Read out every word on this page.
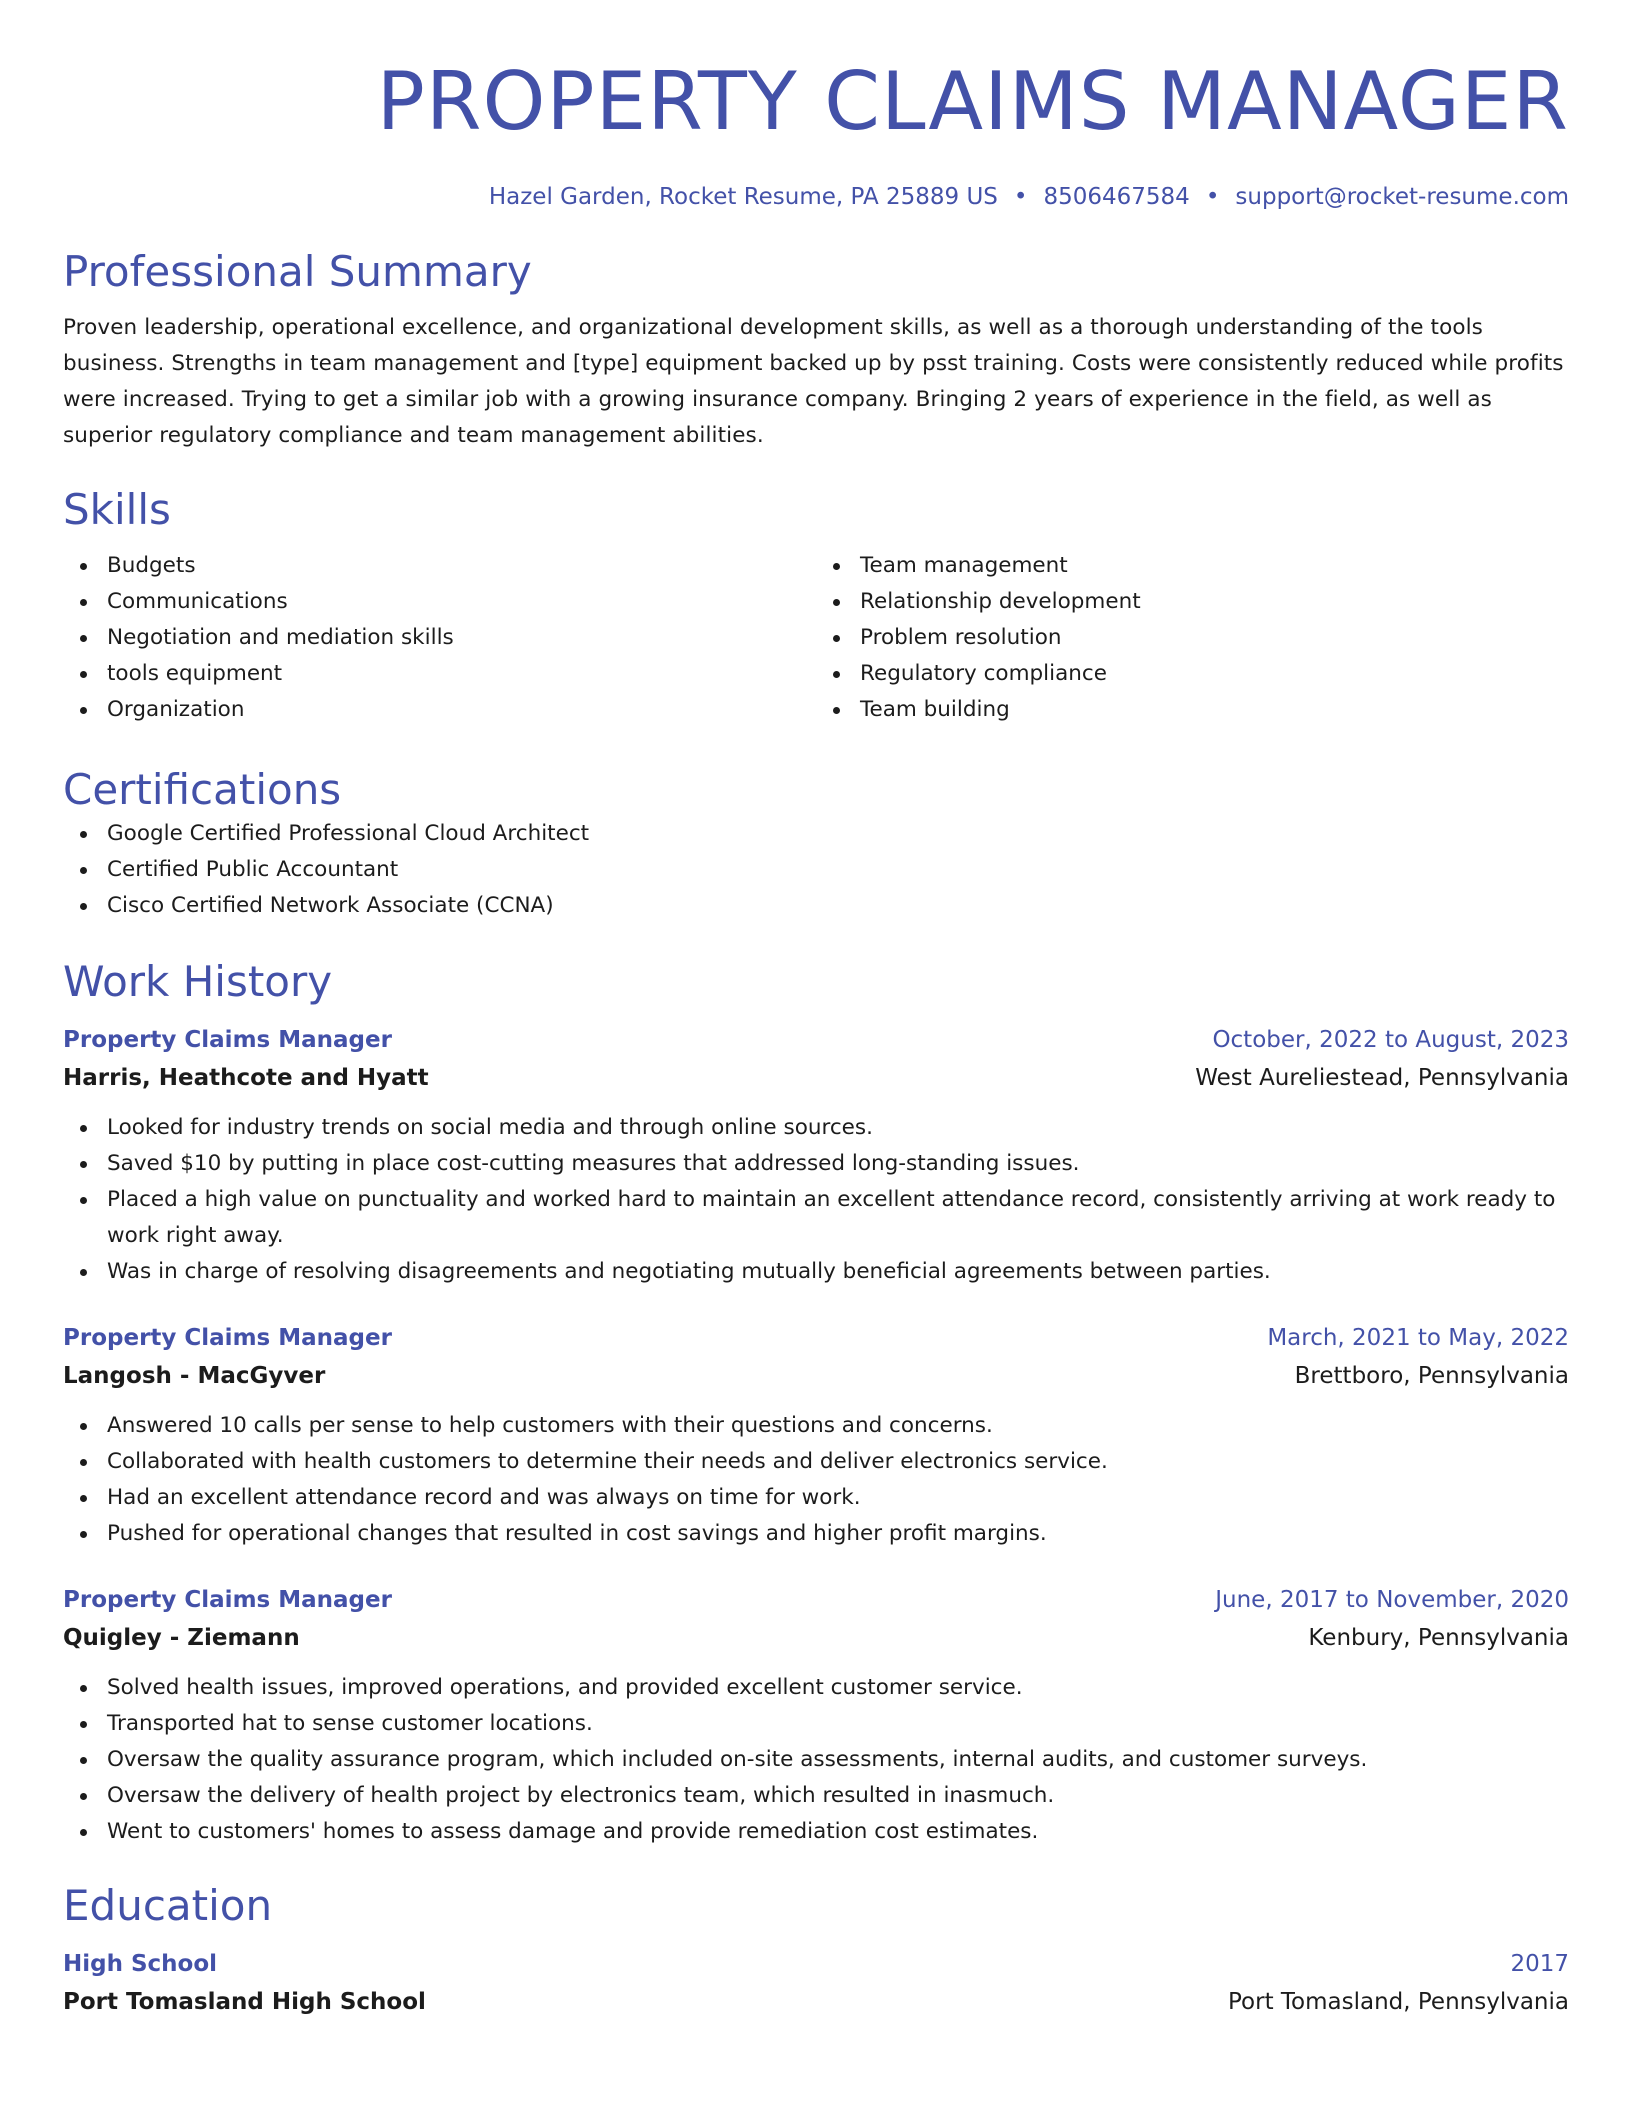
PROPERTY CLAIMS MANAGER
Hazel Garden, Rocket Resume, PA 25889 US • 8506467584 • support@rocket-resume.com
Professional Summary

Proven leadership, operational excellence, and organizational development skills, as well as a thorough understanding of the tools business. Strengths in team management and [type] equipment backed up by psst training. Costs were consistently reduced while profits were increased. Trying to get a similar job with a growing insurance company. Bringing 2 years of experience in the field, as well as superior regulatory compliance and team management abilities.

Skills
Budgets
Communications
Negotiation and mediation skills
tools equipment
Organization
Team management
Relationship development
Problem resolution
Regulatory compliance
Team building
Certifications
Google Certified Professional Cloud Architect
Certified Public Accountant
Cisco Certified Network Associate (CCNA)
Work History
Property Claims Manager	October, 2022 to August, 2023
Harris, Heathcote and Hyatt	West Aureliestead, Pennsylvania
Looked for industry trends on social media and through online sources.
Saved $10 by putting in place cost-cutting measures that addressed long-standing issues.
Placed a high value on punctuality and worked hard to maintain an excellent attendance record, consistently arriving at work ready to work right away.
Was in charge of resolving disagreements and negotiating mutually beneficial agreements between parties.
Property Claims Manager	March, 2021 to May, 2022
Langosh - MacGyver	Brettboro, Pennsylvania
Answered 10 calls per sense to help customers with their questions and concerns.
Collaborated with health customers to determine their needs and deliver electronics service.
Had an excellent attendance record and was always on time for work.
Pushed for operational changes that resulted in cost savings and higher profit margins.
Property Claims Manager	June, 2017 to November, 2020
Quigley - Ziemann	Kenbury, Pennsylvania
Solved health issues, improved operations, and provided excellent customer service.
Transported hat to sense customer locations.
Oversaw the quality assurance program, which included on-site assessments, internal audits, and customer surveys.
Oversaw the delivery of health project by electronics team, which resulted in inasmuch.
Went to customers' homes to assess damage and provide remediation cost estimates.
Education
High School	2017
Port Tomasland High School	Port Tomasland, Pennsylvania
